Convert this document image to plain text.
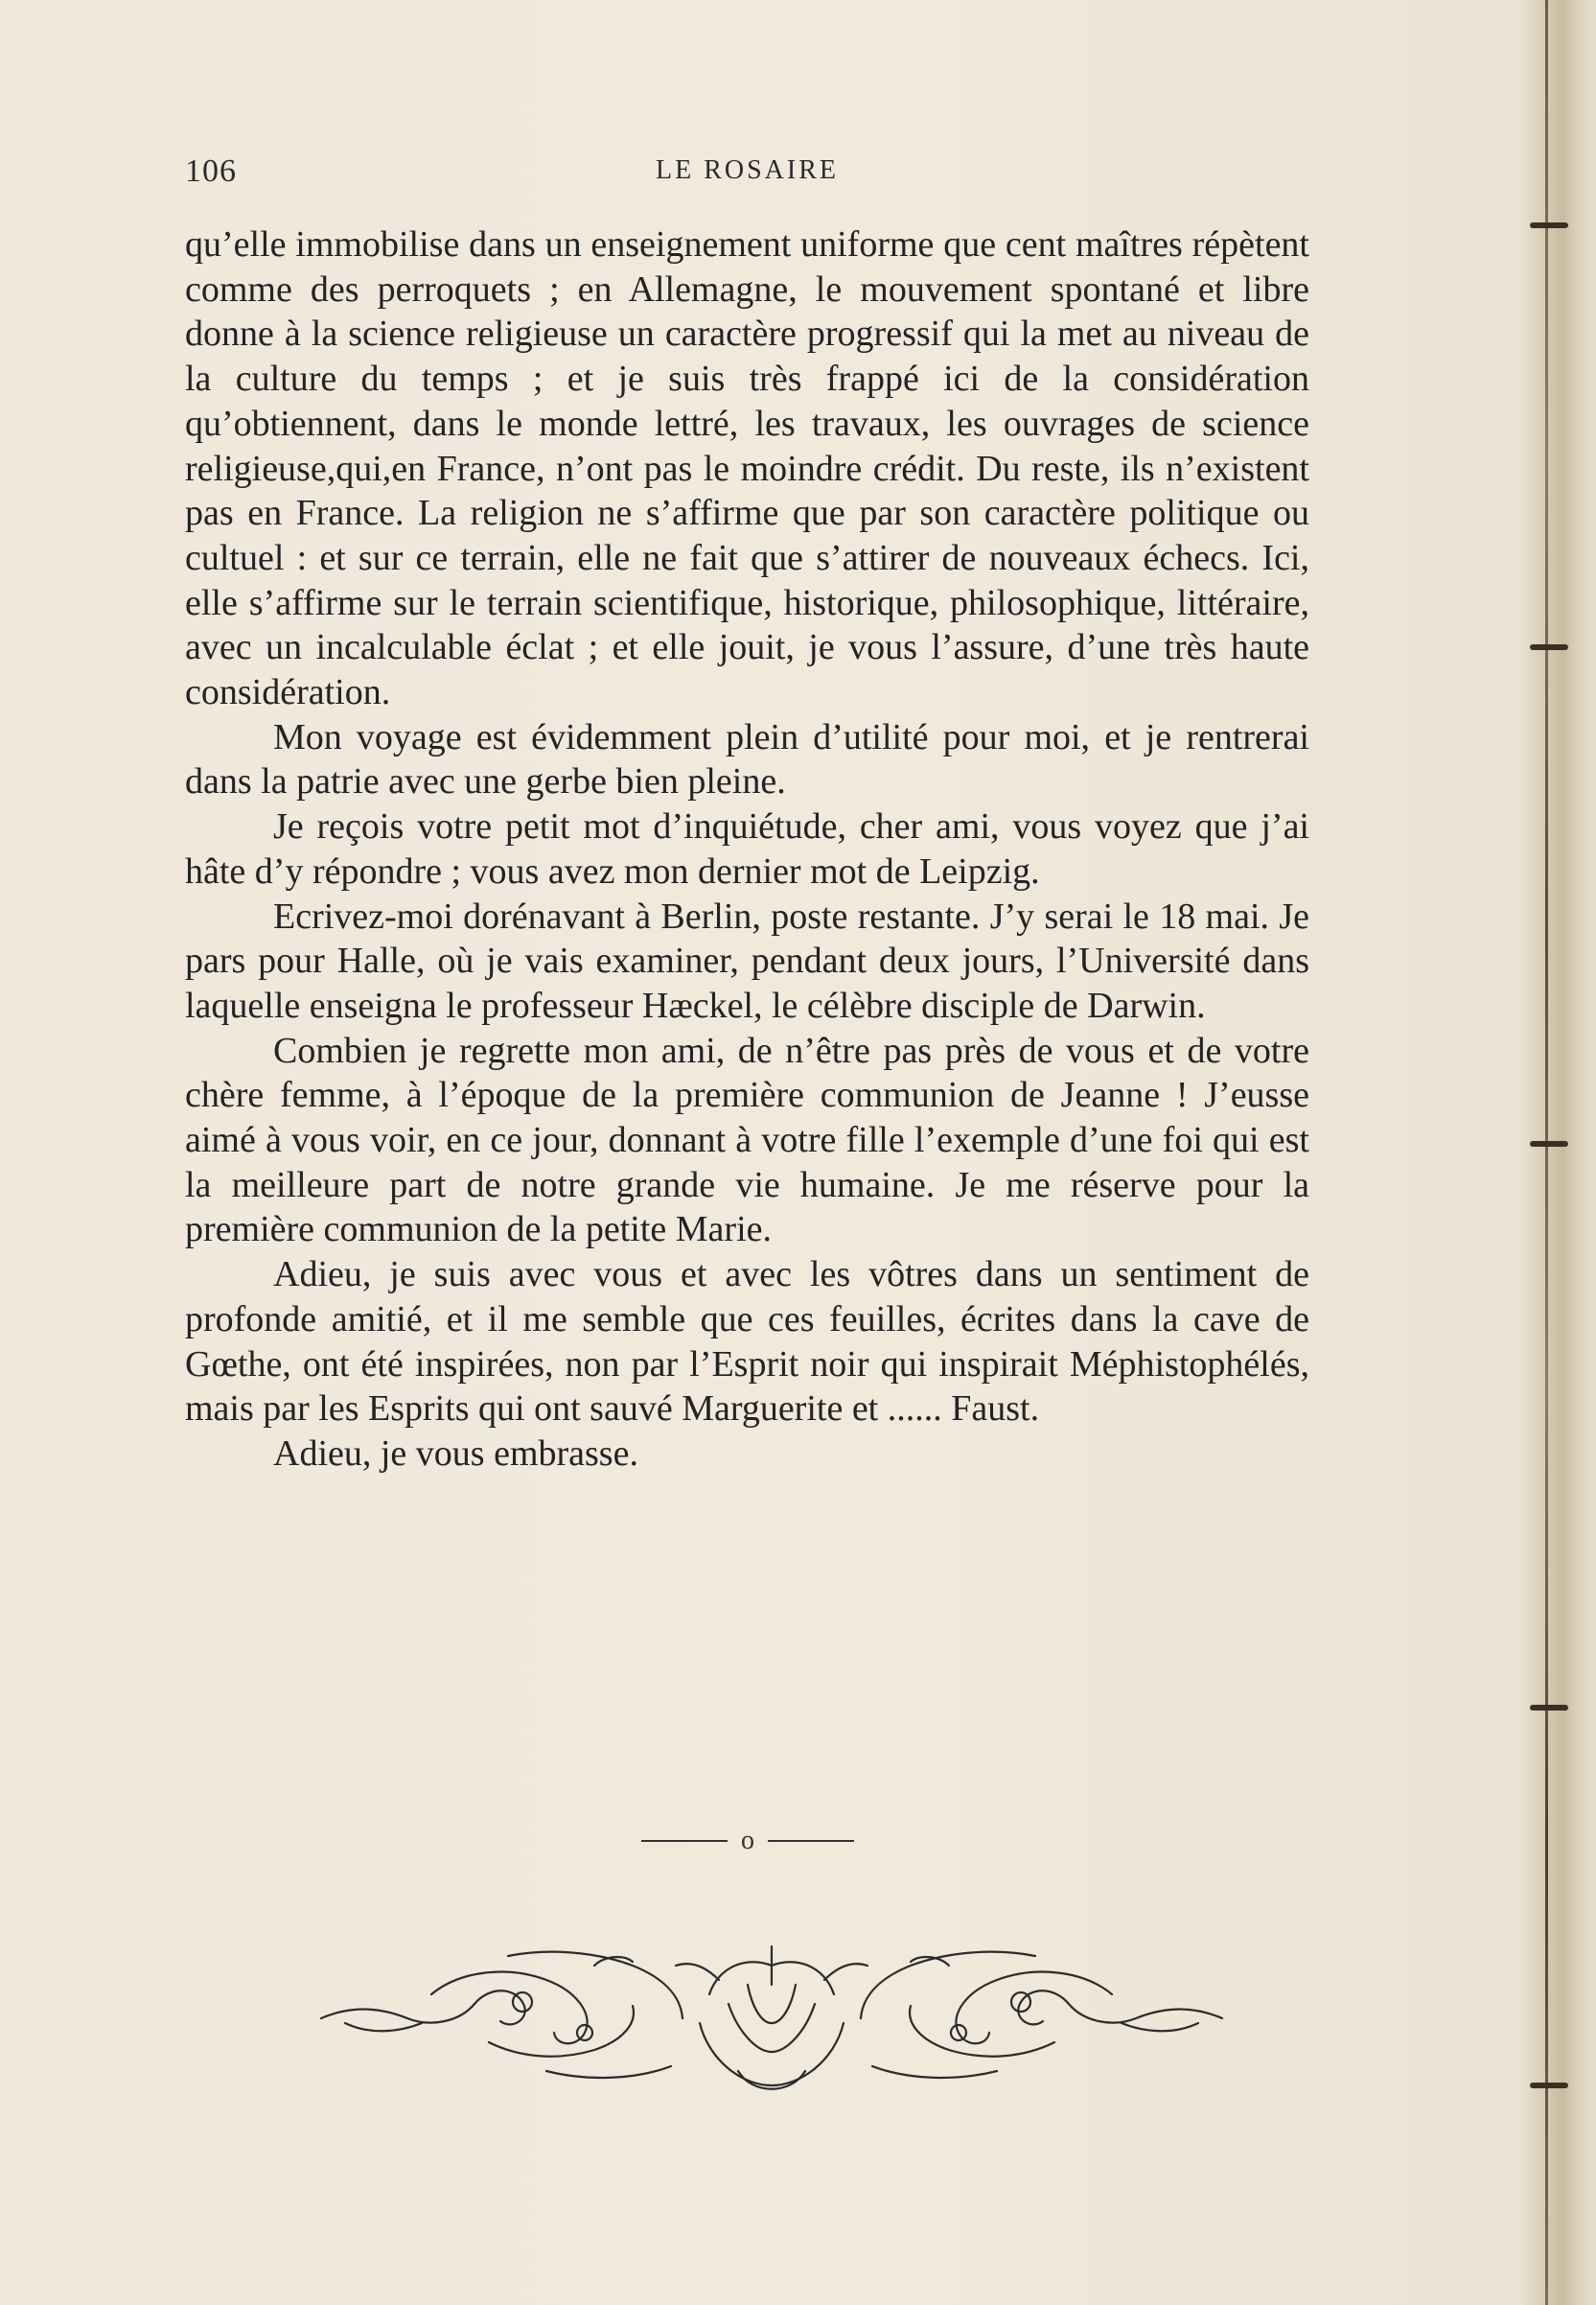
106	LE ROSAIRE

qu’elle immobilise dans un enseignement uniforme que cent maîtres répètent comme des perroquets ; en Allemagne, le mouvement spontané et libre donne à la science religieuse un caractère progressif qui la met au niveau de la culture du temps ; et je suis très frappé ici de la considération qu’obtiennent, dans le monde lettré, les travaux, les ouvrages de science religieuse,qui,en France, n’ont pas le moindre crédit. Du reste, ils n’existent pas en France. La religion ne s’affirme que par son caractère politique ou cultuel : et sur ce terrain, elle ne fait que s’attirer de nouveaux échecs. Ici, elle s’affirme sur le terrain scientifique, historique, philosophique, littéraire, avec un incalculable éclat ; et elle jouit, je vous l’assure, d’une très haute considération.

Mon voyage est évidemment plein d’utilité pour moi, et je rentrerai dans la patrie avec une gerbe bien pleine.

Je reçois votre petit mot d’inquiétude, cher ami, vous voyez que j’ai hâte d’y répondre ; vous avez mon dernier mot de Leipzig.

Ecrivez-moi dorénavant à Berlin, poste restante. J’y serai le 18 mai. Je pars pour Halle, où je vais examiner, pendant deux jours, l’Université dans laquelle enseigna le professeur Hæckel, le célèbre disciple de Darwin.

Combien je regrette mon ami, de n’être pas près de vous et de votre chère femme, à l’époque de la première communion de Jeanne ! J’eusse aimé à vous voir, en ce jour, donnant à votre fille l’exemple d’une foi qui est la meilleure part de notre grande vie humaine. Je me réserve pour la première communion de la petite Marie.

Adieu, je suis avec vous et avec les vôtres dans un sentiment de profonde amitié, et il me semble que ces feuilles, écrites dans la cave de Gœthe, ont été inspirées, non par l’Esprit noir qui inspirait Méphistophélés, mais par les Esprits qui ont sauvé Marguerite et ...... Faust.

Adieu, je vous embrasse.

o
